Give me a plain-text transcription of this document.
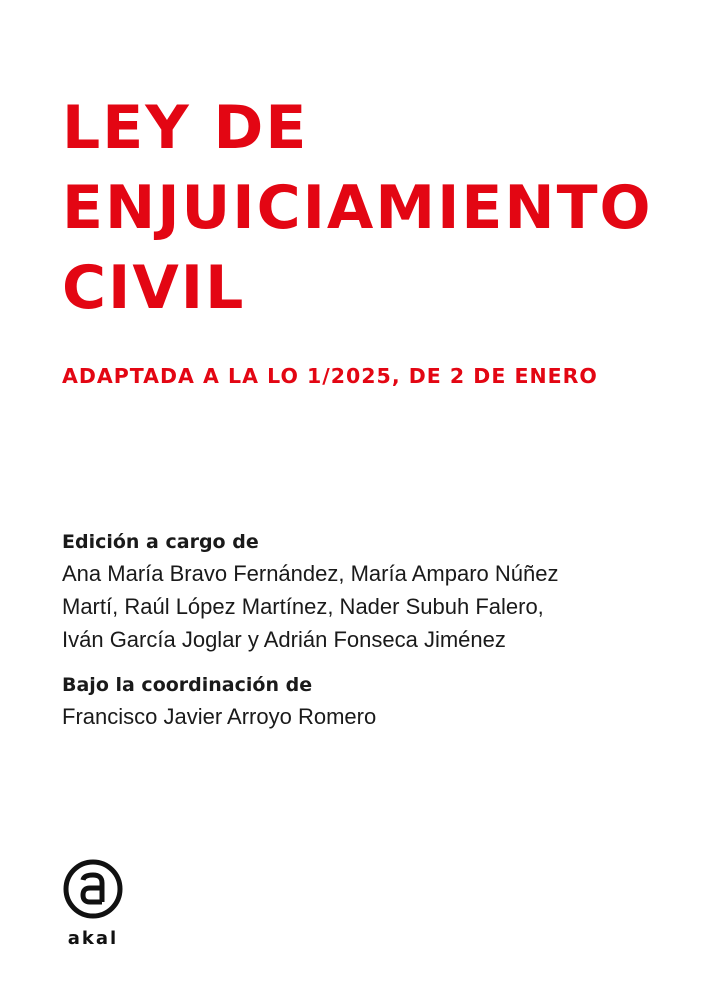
LEY DE
ENJUICIAMIENTO
CIVIL
ADAPTADA A LA LO 1/2025, DE 2 DE ENERO
Edición a cargo de
Ana María Bravo Fernández, María Amparo Núñez
Martí, Raúl López Martínez, Nader Subuh Falero,
Iván García Joglar y Adrián Fonseca Jiménez
Bajo la coordinación de
Francisco Javier Arroyo Romero
akal
